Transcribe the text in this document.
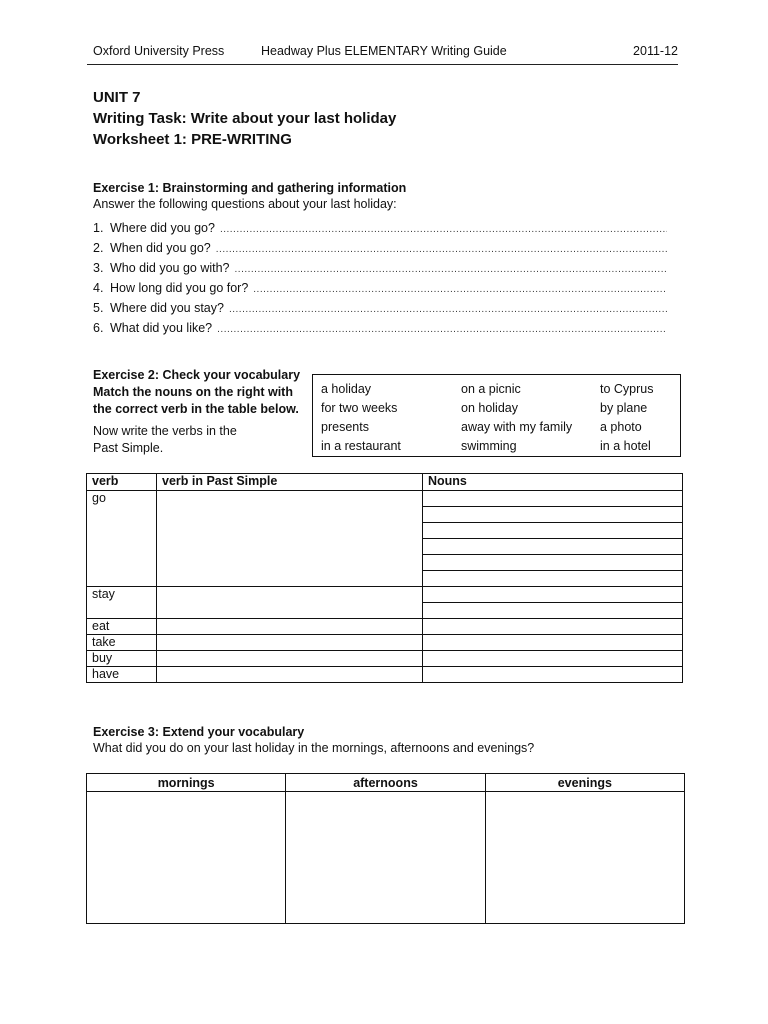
Oxford University Press	Headway Plus ELEMENTARY Writing Guide	2011-12
UNIT 7
Writing Task: Write about your last holiday
Worksheet 1: PRE-WRITING
Exercise 1: Brainstorming and gathering information
Answer the following questions about your last holiday:
1. Where did you go?
.....
2. When did you go?
.....
3. Who did you go with?
.....
4. How long did you go for?
.....
5. Where did you stay?
.....
6. What did you like?
.....
Exercise 2: Check your vocabulary
Match the nouns on the right with
the correct verb in the table below.
Now write the verbs in the
Past Simple.
a holiday	on a picnic	to Cyprus
for two weeks	on holiday	by plane
presents	away with my family	a photo
in a restaurant	swimming	in a hotel
verb	verb in Past Simple	Nouns
go		

stay		

eat		
take		
buy		
have		
Exercise 3: Extend your vocabulary
What did you do on your last holiday in the mornings, afternoons and evenings?
mornings	afternoons	evenings
